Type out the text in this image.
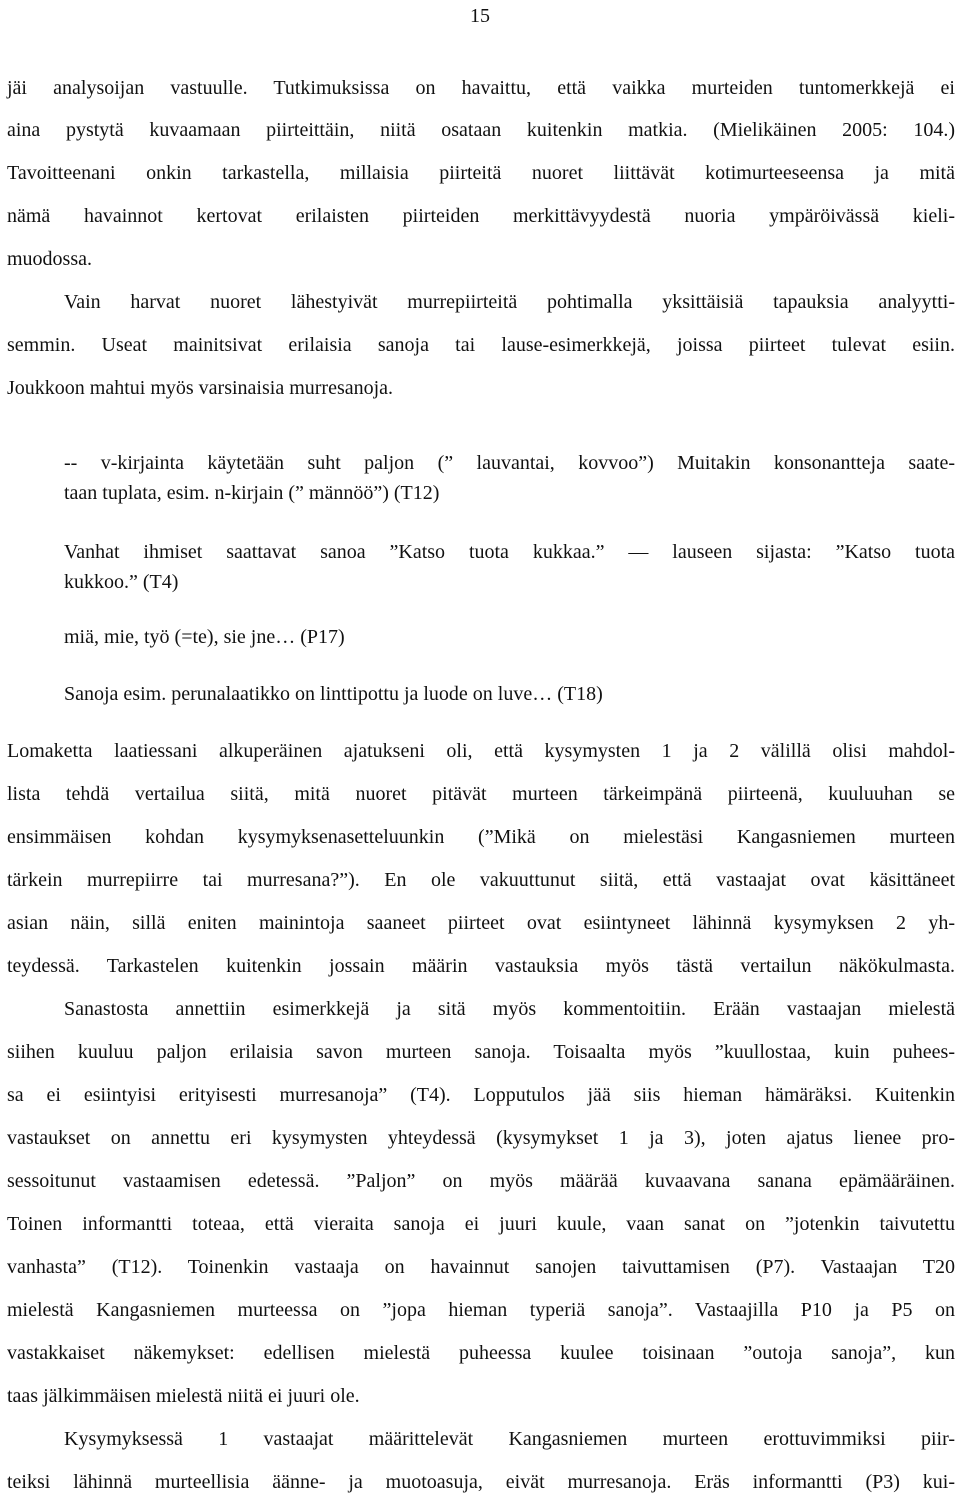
15
jäi analysoijan vastuulle. Tutkimuksissa on havaittu, että vaikka murteiden tuntomerkkejä ei
aina pystytä kuvaamaan piirteittäin, niitä osataan kuitenkin matkia. (Mielikäinen 2005: 104.)
Tavoitteenani onkin tarkastella, millaisia piirteitä nuoret liittävät kotimurteeseensa ja mitä
nämä havainnot kertovat erilaisten piirteiden merkittävyydestä nuoria ympäröivässä kieli-
muodossa.
Vain harvat nuoret lähestyivät murrepiirteitä pohtimalla yksittäisiä tapauksia analyytti-
semmin. Useat mainitsivat erilaisia sanoja tai lause-esimerkkejä, joissa piirteet tulevat esiin.
Joukkoon mahtui myös varsinaisia murresanoja.
-- v-kirjainta käytetään suht paljon (” lauvantai, kovvoo”) Muitakin konsonantteja saate-
taan tuplata, esim. n-kirjain (” männöö”) (T12)
Vanhat ihmiset saattavat sanoa ”Katso tuota kukkaa.” — lauseen sijasta: ”Katso tuota
kukkoo.” (T4)
miä, mie, työ (=te), sie jne… (P17)
Sanoja esim. perunalaatikko on linttipottu ja luode on luve… (T18)
Lomaketta laatiessani alkuperäinen ajatukseni oli, että kysymysten 1 ja 2 välillä olisi mahdol-
lista tehdä vertailua siitä, mitä nuoret pitävät murteen tärkeimpänä piirteenä, kuuluuhan se
ensimmäisen kohdan kysymyksenasetteluunkin (”Mikä on mielestäsi Kangasniemen murteen
tärkein murrepiirre tai murresana?”). En ole vakuuttunut siitä, että vastaajat ovat käsittäneet
asian näin, sillä eniten mainintoja saaneet piirteet ovat esiintyneet lähinnä kysymyksen 2 yh-
teydessä. Tarkastelen kuitenkin jossain määrin vastauksia myös tästä vertailun näkökulmasta.
Sanastosta annettiin esimerkkejä ja sitä myös kommentoitiin. Erään vastaajan mielestä
siihen kuuluu paljon erilaisia savon murteen sanoja. Toisaalta myös ”kuullostaa, kuin puhees-
sa ei esiintyisi erityisesti murresanoja” (T4). Lopputulos jää siis hieman hämäräksi. Kuitenkin
vastaukset on annettu eri kysymysten yhteydessä (kysymykset 1 ja 3), joten ajatus lienee pro-
sessoitunut vastaamisen edetessä. ”Paljon” on myös määrää kuvaavana sanana epämääräinen.
Toinen informantti toteaa, että vieraita sanoja ei juuri kuule, vaan sanat on ”jotenkin taivutettu
vanhasta” (T12). Toinenkin vastaaja on havainnut sanojen taivuttamisen (P7). Vastaajan T20
mielestä Kangasniemen murteessa on ”jopa hieman typeriä sanoja”. Vastaajilla P10 ja P5 on
vastakkaiset näkemykset: edellisen mielestä puheessa kuulee toisinaan ”outoja sanoja”, kun
taas jälkimmäisen mielestä niitä ei juuri ole.
Kysymyksessä 1 vastaajat määrittelevät Kangasniemen murteen erottuvimmiksi piir-
teiksi lähinnä murteellisia äänne- ja muotoasuja, eivät murresanoja. Eräs informantti (P3) kui-
